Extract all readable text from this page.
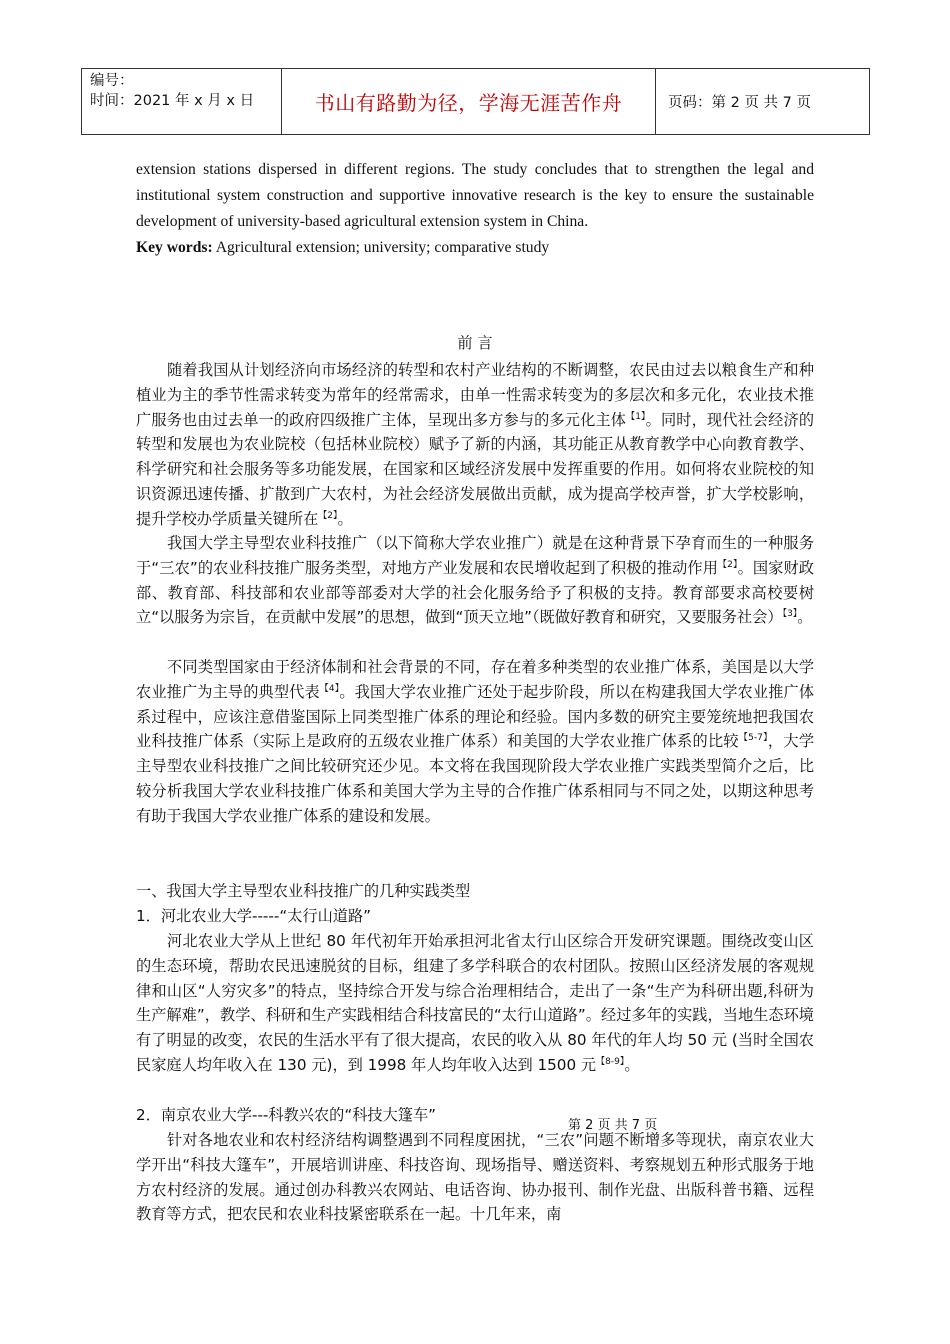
编号：
时间：2021 年 x 月 x 日	书山有路勤为径，学海无涯苦作舟	页码：第 2 页 共 7 页
extension stations dispersed in different regions. The study concludes that to strengthen the legal and institutional system construction and supportive innovative research is the key to ensure the sustainable development of university-based agricultural extension system in China.
Key words: Agricultural extension; university; comparative study
前 言
随着我国从计划经济向市场经济的转型和农村产业结构的不断调整，农民由过去以粮食生产和种植业为主的季节性需求转变为常年的经常需求，由单一性需求转变为的多层次和多元化，农业技术推广服务也由过去单一的政府四级推广主体，呈现出多方参与的多元化主体$^{【1】}$。同时，现代社会经济的转型和发展也为农业院校（包括林业院校）赋予了新的内涵，其功能正从教育教学中心向教育教学、科学研究和社会服务等多功能发展，在国家和区域经济发展中发挥重要的作用。如何将农业院校的知识资源迅速传播、扩散到广大农村，为社会经济发展做出贡献，成为提高学校声誉，扩大学校影响，提升学校办学质量关键所在$^{【2】}$。
我国大学主导型农业科技推广（以下简称大学农业推广）就是在这种背景下孕育而生的一种服务于“三农”的农业科技推广服务类型，对地方产业发展和农民增收起到了积极的推动作用$^{【2】}$。国家财政部、教育部、科技部和农业部等部委对大学的社会化服务给予了积极的支持。教育部要求高校要树立“以服务为宗旨，在贡献中发展”的思想，做到“顶天立地”（既做好教育和研究，又要服务社会）$^{【3】}$。
不同类型国家由于经济体制和社会背景的不同，存在着多种类型的农业推广体系，美国是以大学农业推广为主导的典型代表$^{【4】}$。我国大学农业推广还处于起步阶段，所以在构建我国大学农业推广体系过程中，应该注意借鉴国际上同类型推广体系的理论和经验。国内多数的研究主要笼统地把我国农业科技推广体系（实际上是政府的五级农业推广体系）和美国的大学农业推广体系的比较$^{【5-7】}$，大学主导型农业科技推广之间比较研究还少见。本文将在我国现阶段大学农业推广实践类型简介之后，比较分析我国大学农业科技推广体系和美国大学为主导的合作推广体系相同与不同之处，以期这种思考有助于我国大学农业推广体系的建设和发展。
一、我国大学主导型农业科技推广的几种实践类型
1．河北农业大学-----“太行山道路”
河北农业大学从上世纪 80 年代初年开始承担河北省太行山区综合开发研究课题。围绕改变山区的生态环境，帮助农民迅速脱贫的目标，组建了多学科联合的农村团队。按照山区经济发展的客观规律和山区“人穷灾多”的特点，坚持综合开发与综合治理相结合，走出了一条“生产为科研出题,科研为生产解难”，教学、科研和生产实践相结合科技富民的“太行山道路”。经过多年的实践，当地生态环境有了明显的改变，农民的生活水平有了很大提高，农民的收入从 80 年代的年人均 50 元 (当时全国农民家庭人均年收入在 130 元)，到 1998 年人均年收入达到 1500 元$^{【8-9】}$。
2．南京农业大学---科教兴农的“科技大篷车”
第 2 页 共 7 页
针对各地农业和农村经济结构调整遇到不同程度困扰，“三农”问题不断增多等现状，南京农业大学开出“科技大篷车”，开展培训讲座、科技咨询、现场指导、赠送资料、考察规划五种形式服务于地方农村经济的发展。通过创办科教兴农网站、电话咨询、协办报刊、制作光盘、出版科普书籍、远程教育等方式，把农民和农业科技紧密联系在一起。十几年来，南
